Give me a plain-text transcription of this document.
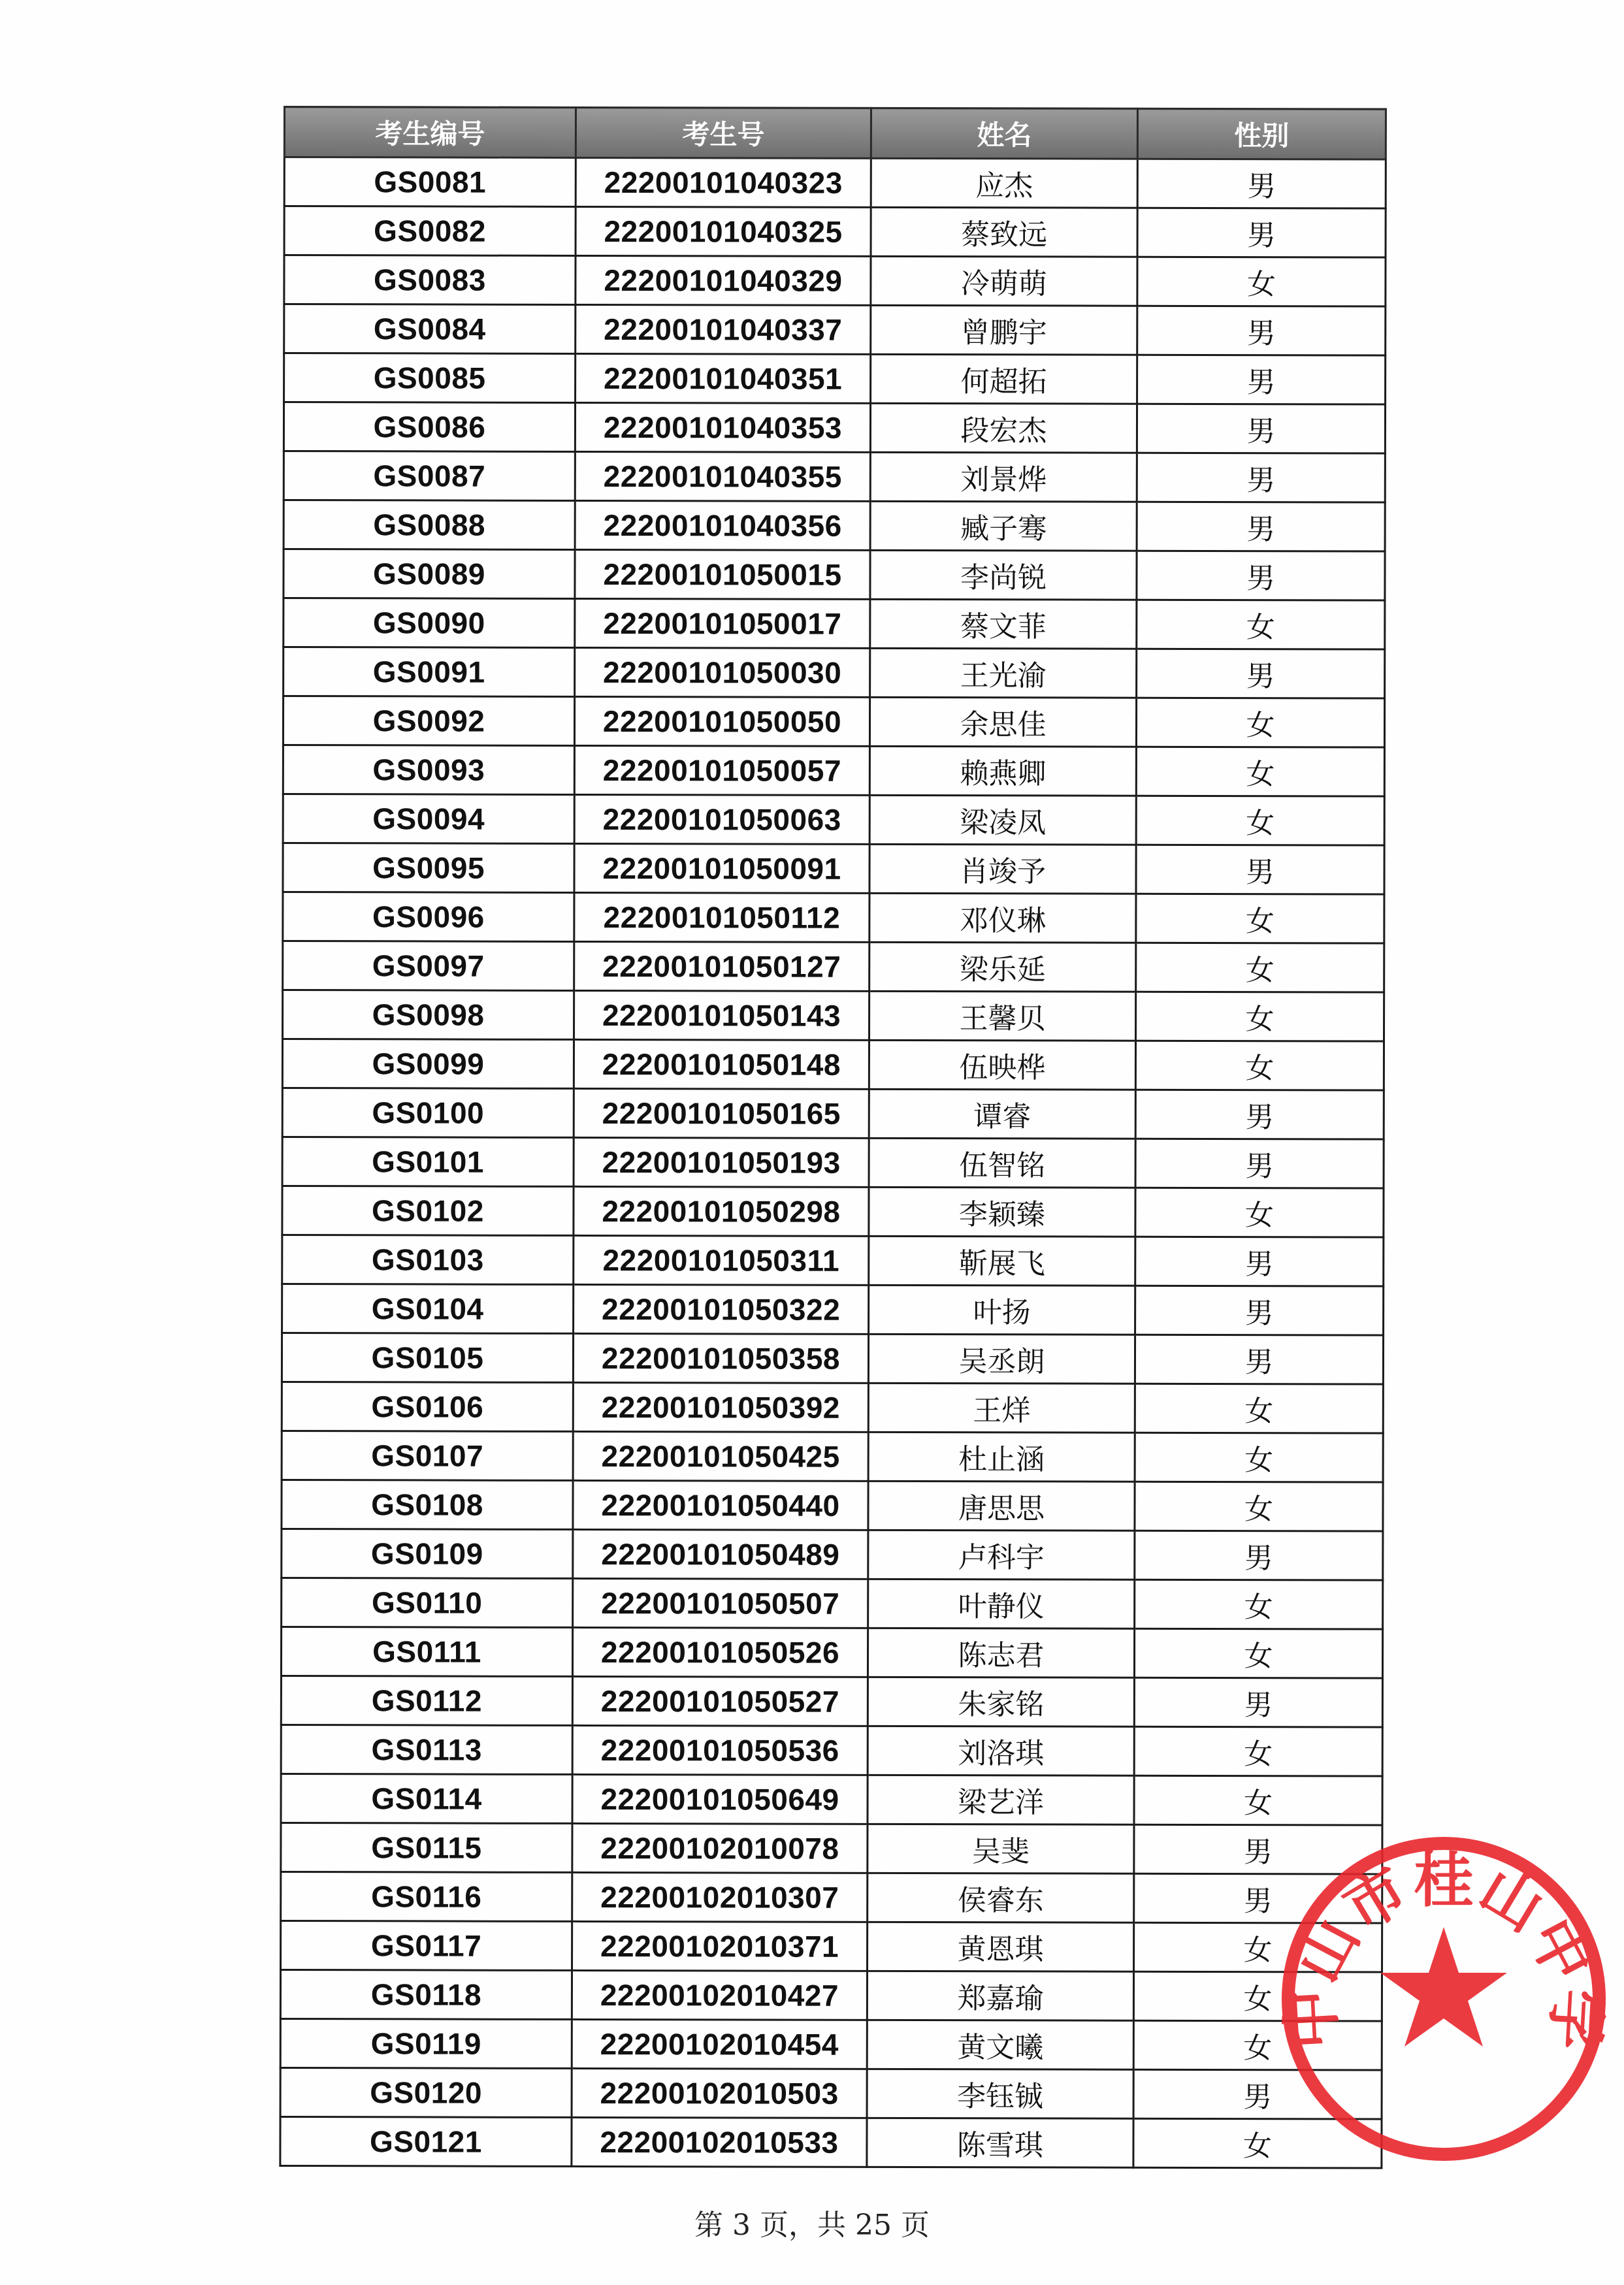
考生编号	考生号	姓名	性别
GS0081	22200101040323	应杰	男
GS0082	22200101040325	蔡致远	男
GS0083	22200101040329	冷萌萌	女
GS0084	22200101040337	曾鹏宇	男
GS0085	22200101040351	何超拓	男
GS0086	22200101040353	段宏杰	男
GS0087	22200101040355	刘景烨	男
GS0088	22200101040356	臧子骞	男
GS0089	22200101050015	李尚锐	男
GS0090	22200101050017	蔡文菲	女
GS0091	22200101050030	王光渝	男
GS0092	22200101050050	余思佳	女
GS0093	22200101050057	赖燕卿	女
GS0094	22200101050063	梁凌凤	女
GS0095	22200101050091	肖竣予	男
GS0096	22200101050112	邓仪琳	女
GS0097	22200101050127	梁乐延	女
GS0098	22200101050143	王馨贝	女
GS0099	22200101050148	伍映桦	女
GS0100	22200101050165	谭睿	男
GS0101	22200101050193	伍智铭	男
GS0102	22200101050298	李颖臻	女
GS0103	22200101050311	靳展飞	男
GS0104	22200101050322	叶扬	男
GS0105	22200101050358	吴丞朗	男
GS0106	22200101050392	王烊	女
GS0107	22200101050425	杜止涵	女
GS0108	22200101050440	唐思思	女
GS0109	22200101050489	卢科宇	男
GS0110	22200101050507	叶静仪	女
GS0111	22200101050526	陈志君	女
GS0112	22200101050527	朱家铭	男
GS0113	22200101050536	刘洛琪	女
GS0114	22200101050649	梁艺洋	女
GS0115	22200102010078	吴斐	男
GS0116	22200102010307	侯睿东	男
GS0117	22200102010371	黄恩琪	女
GS0118	22200102010427	郑嘉瑜	女
GS0119	22200102010454	黄文曦	女
GS0120	22200102010503	李钰铖	男
GS0121	22200102010533	陈雪琪	女
中山市桂山中学
第 3 页，共 25 页
